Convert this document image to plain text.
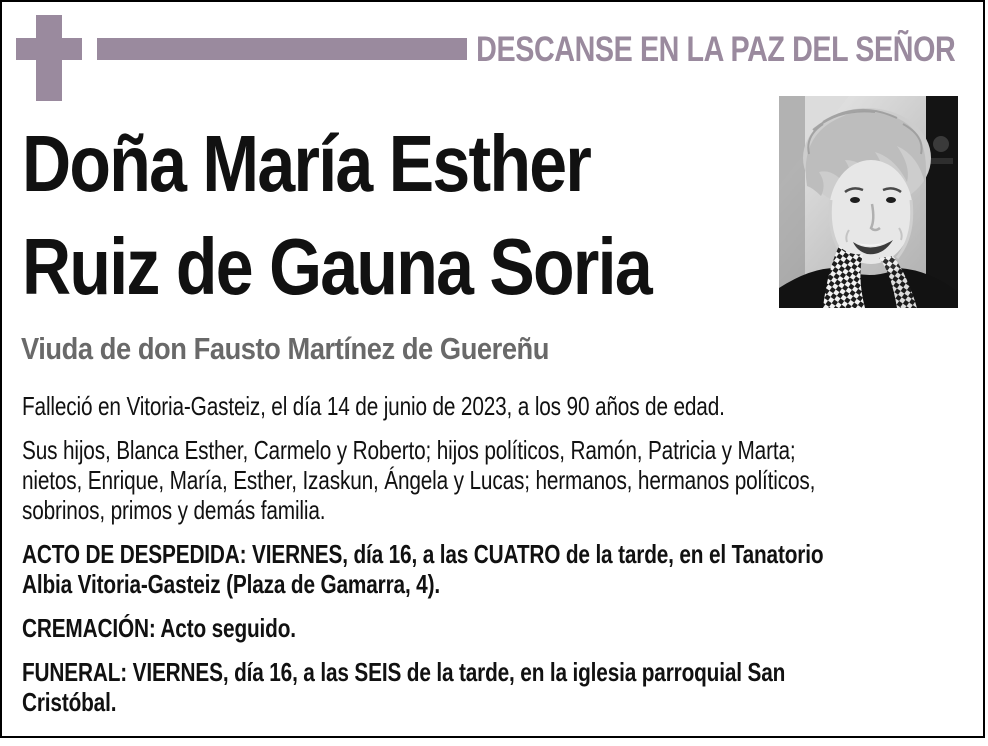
DESCANSE EN LA PAZ DEL SEÑOR
Doña María Esther
Ruiz de Gauna Soria
Viuda de don Fausto Martínez de Guereñu

Falleció en Vitoria-Gasteiz, el día 14 de junio de 2023, a los 90 años de edad.

Sus hijos, Blanca Esther, Carmelo y Roberto; hijos políticos, Ramón, Patricia y Marta;
nietos, Enrique, María, Esther, Izaskun, Ángela y Lucas; hermanos, hermanos políticos,
sobrinos, primos y demás familia.

ACTO DE DESPEDIDA: VIERNES, día 16, a las CUATRO de la tarde, en el Tanatorio
Albia Vitoria-Gasteiz (Plaza de Gamarra, 4).

CREMACIÓN: Acto seguido.

FUNERAL: VIERNES, día 16, a las SEIS de la tarde, en la iglesia parroquial San
Cristóbal.
